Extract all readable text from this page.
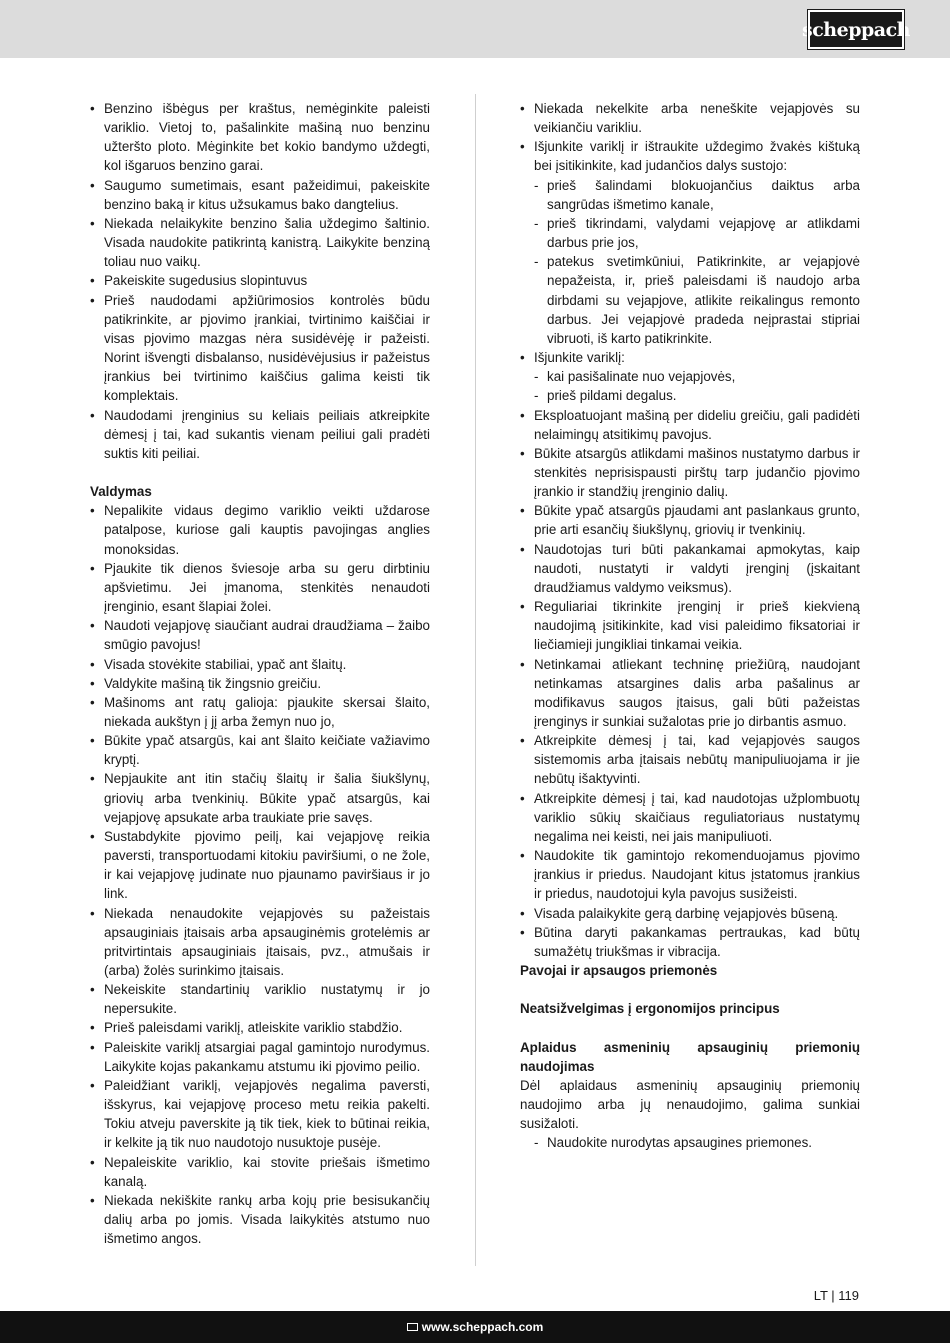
scheppach
• Benzino išbėgus per kraštus, nemėginkite paleisti variklio. Vietoj to, pašalinkite mašiną nuo benzinu užteršto ploto. Mėginkite bet kokio bandymo uždegti, kol išgaruos benzino garai.
• Saugumo sumetimais, esant pažeidimui, pakeiskite benzino baką ir kitus užsukamus bako dangtelius.
• Niekada nelaikykite benzino šalia uždegimo šaltinio. Visada naudokite patikrintą kanistrą. Laikykite benziną toliau nuo vaikų.
• Pakeiskite sugedusius slopintuvus
• Prieš naudodami apžiūrimosios kontrolės būdu patikrinkite, ar pjovimo įrankiai, tvirtinimo kaiščiai ir visas pjovimo mazgas nėra susidėvėję ir pažeisti. Norint išvengti disbalanso, nusidėvėjusius ir pažeistus įrankius bei tvirtinimo kaiščius galima keisti tik komplektais.
• Naudodami įrenginius su keliais peiliais atkreipkite dėmesį į tai, kad sukantis vienam peiliui gali pradėti suktis kiti peiliai.
Valdymas
• Nepalikite vidaus degimo variklio veikti uždarose patalpose, kuriose gali kauptis pavojingas anglies monoksidas.
• Pjaukite tik dienos šviesoje arba su geru dirbtiniu apšvietimu. Jei įmanoma, stenkitės nenaudoti įrenginio, esant šlapiai žolei.
• Naudoti vejapjovę siaučiant audrai draudžiama – žaibo smūgio pavojus!
• Visada stovėkite stabiliai, ypač ant šlaitų.
• Valdykite mašiną tik žingsnio greičiu.
• Mašinoms ant ratų galioja: pjaukite skersai šlaito, niekada aukštyn į jį arba žemyn nuo jo,
• Būkite ypač atsargūs, kai ant šlaito keičiate važiavimo kryptį.
• Nepjaukite ant itin stačių šlaitų ir šalia šiukšlynų, griovių arba tvenkinių. Būkite ypač atsargūs, kai vejapjovę apsukate arba traukiate prie savęs.
• Sustabdykite pjovimo peilį, kai vejapjovę reikia paversti, transportuodami kitokiu paviršiumi, o ne žole, ir kai vejapjovę judinate nuo pjaunamo paviršiaus ir jo link.
• Niekada nenaudokite vejapjovės su pažeistais apsauginiais įtaisais arba apsauginėmis grotelėmis ar pritvirtintais apsauginiais įtaisais, pvz., atmušais ir (arba) žolės surinkimo įtaisais.
• Nekeiskite standartinių variklio nustatymų ir jo nepersukite.
• Prieš paleisdami variklį, atleiskite variklio stabdžio.
• Paleiskite variklį atsargiai pagal gamintojo nurodymus. Laikykite kojas pakankamu atstumu iki pjovimo peilio.
• Paleidžiant variklį, vejapjovės negalima paversti, išskyrus, kai vejapjovę proceso metu reikia pakelti. Tokiu atveju paverskite ją tik tiek, kiek to būtinai reikia, ir kelkite ją tik nuo naudotojo nusuktoje pusėje.
• Nepaleiskite variklio, kai stovite priešais išmetimo kanalą.
• Niekada nekiškite rankų arba kojų prie besisukančių dalių arba po jomis. Visada laikykitės atstumo nuo išmetimo angos.
• Niekada nekelkite arba neneškite vejapjovės su veikiančiu varikliu.
• Išjunkite variklį ir ištraukite uždegimo žvakės kištuką bei įsitikinkite, kad judančios dalys sustojo:
- prieš šalindami blokuojančius daiktus arba sangrūdas išmetimo kanale,
- prieš tikrindami, valydami vejapjovę ar atlikdami darbus prie jos,
- patekus svetimkūniui, Patikrinkite, ar vejapjovė nepažeista, ir, prieš paleisdami iš naudojo arba dirbdami su vejapjove, atlikite reikalingus remonto darbus. Jei vejapjovė pradeda neįprastai stipriai vibruoti, iš karto patikrinkite.
• Išjunkite variklį:
- kai pasišalinate nuo vejapjovės,
- prieš pildami degalus.
• Eksploatuojant mašiną per dideliu greičiu, gali padidėti nelaimingų atsitikimų pavojus.
• Būkite atsargūs atlikdami mašinos nustatymo darbus ir stenkitės neprisispausti pirštų tarp judančio pjovimo įrankio ir standžių įrenginio dalių.
• Būkite ypač atsargūs pjaudami ant paslankaus grunto, prie arti esančių šiukšlynų, griovių ir tvenkinių.
• Naudotojas turi būti pakankamai apmokytas, kaip naudoti, nustatyti ir valdyti įrenginį (įskaitant draudžiamus valdymo veiksmus).
• Reguliariai tikrinkite įrenginį ir prieš kiekvieną naudojimą įsitikinkite, kad visi paleidimo fiksatoriai ir liečiamieji jungikliai tinkamai veikia.
• Netinkamai atliekant techninę priežiūrą, naudojant netinkamas atsargines dalis arba pašalinus ar modifikavus saugos įtaisus, gali būti pažeistas įrenginys ir sunkiai sužalotas prie jo dirbantis asmuo.
• Atkreipkite dėmesį į tai, kad vejapjovės saugos sistemomis arba įtaisais nebūtų manipuliuojama ir jie nebūtų išaktyvinti.
• Atkreipkite dėmesį į tai, kad naudotojas užplombuotų variklio sūkių skaičiaus reguliatoriaus nustatymų negalima nei keisti, nei jais manipuliuoti.
• Naudokite tik gamintojo rekomenduojamus pjovimo įrankius ir priedus. Naudojant kitus įstatomus įrankius ir priedus, naudotojui kyla pavojus susižeisti.
• Visada palaikykite gerą darbinę vejapjovės būseną.
• Būtina daryti pakankamas pertraukas, kad būtų sumažėtų triukšmas ir vibracija.
Pavojai ir apsaugos priemonės
Neatsižvelgimas į ergonomijos principus
Aplaidus asmeninių apsauginių priemonių naudojimas

Dėl aplaidaus asmeninių apsauginių priemonių naudojimo arba jų nenaudojimo, galima sunkiai susižaloti.

- Naudokite nurodytas apsaugines priemones.
LT | 119
www.scheppach.com
